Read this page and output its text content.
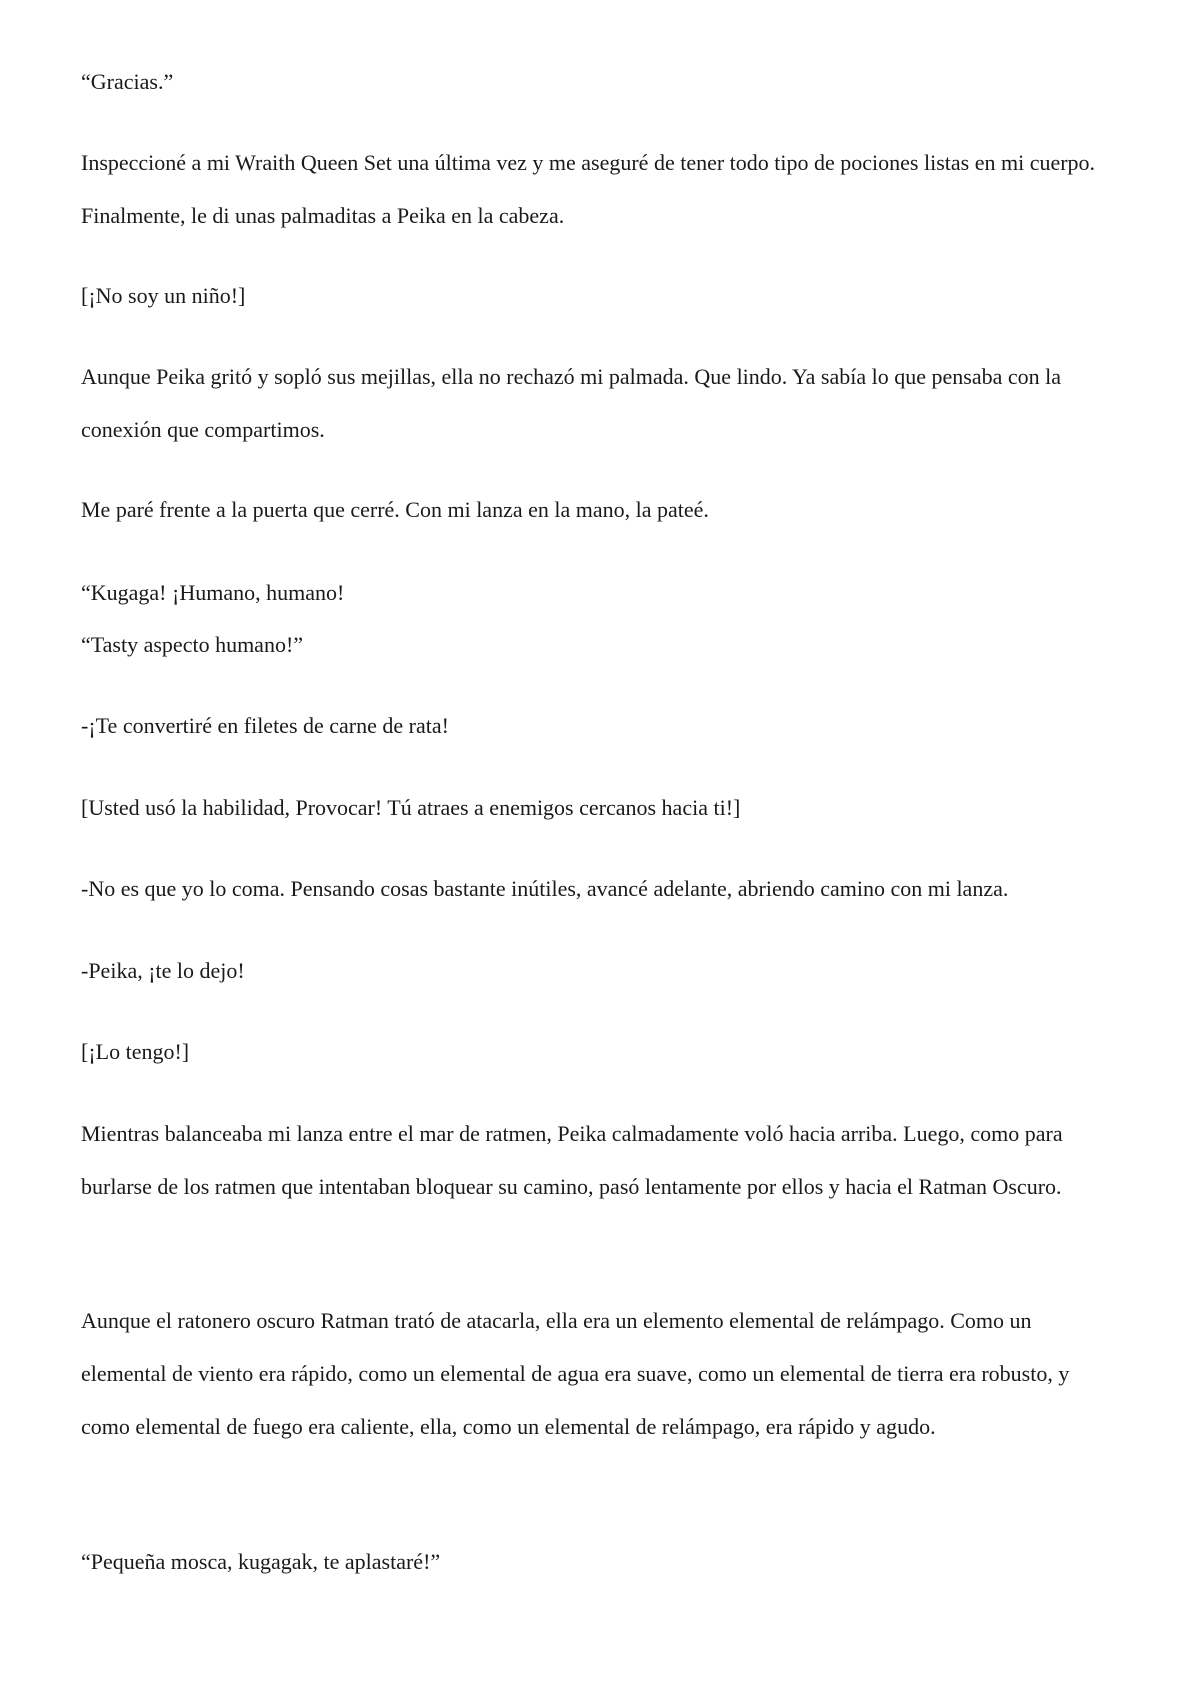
“Gracias.”

Inspeccioné a mi Wraith Queen Set una última vez y me aseguré de tener todo tipo de pociones listas en mi cuerpo. Finalmente, le di unas palmaditas a Peika en la cabeza.

[¡No soy un niño!]

Aunque Peika gritó y sopló sus mejillas, ella no rechazó mi palmada. Que lindo. Ya sabía lo que pensaba con la conexión que compartimos.

Me paré frente a la puerta que cerré. Con mi lanza en la mano, la pateé.

“Kugaga! ¡Humano, humano!

“Tasty aspecto humano!”

-¡Te convertiré en filetes de carne de rata!

[Usted usó la habilidad, Provocar! Tú atraes a enemigos cercanos hacia ti!]

-No es que yo lo coma. Pensando cosas bastante inútiles, avancé adelante, abriendo camino con mi lanza.

-Peika, ¡te lo dejo!

[¡Lo tengo!]

Mientras balanceaba mi lanza entre el mar de ratmen, Peika calmadamente voló hacia arriba. Luego, como para burlarse de los ratmen que intentaban bloquear su camino, pasó lentamente por ellos y hacia el Ratman Oscuro.

Aunque el ratonero oscuro Ratman trató de atacarla, ella era un elemento elemental de relámpago. Como un elemental de viento era rápido, como un elemental de agua era suave, como un elemental de tierra era robusto, y como elemental de fuego era caliente, ella, como un elemental de relámpago, era rápido y agudo.

“Pequeña mosca, kugagak, te aplastaré!”
